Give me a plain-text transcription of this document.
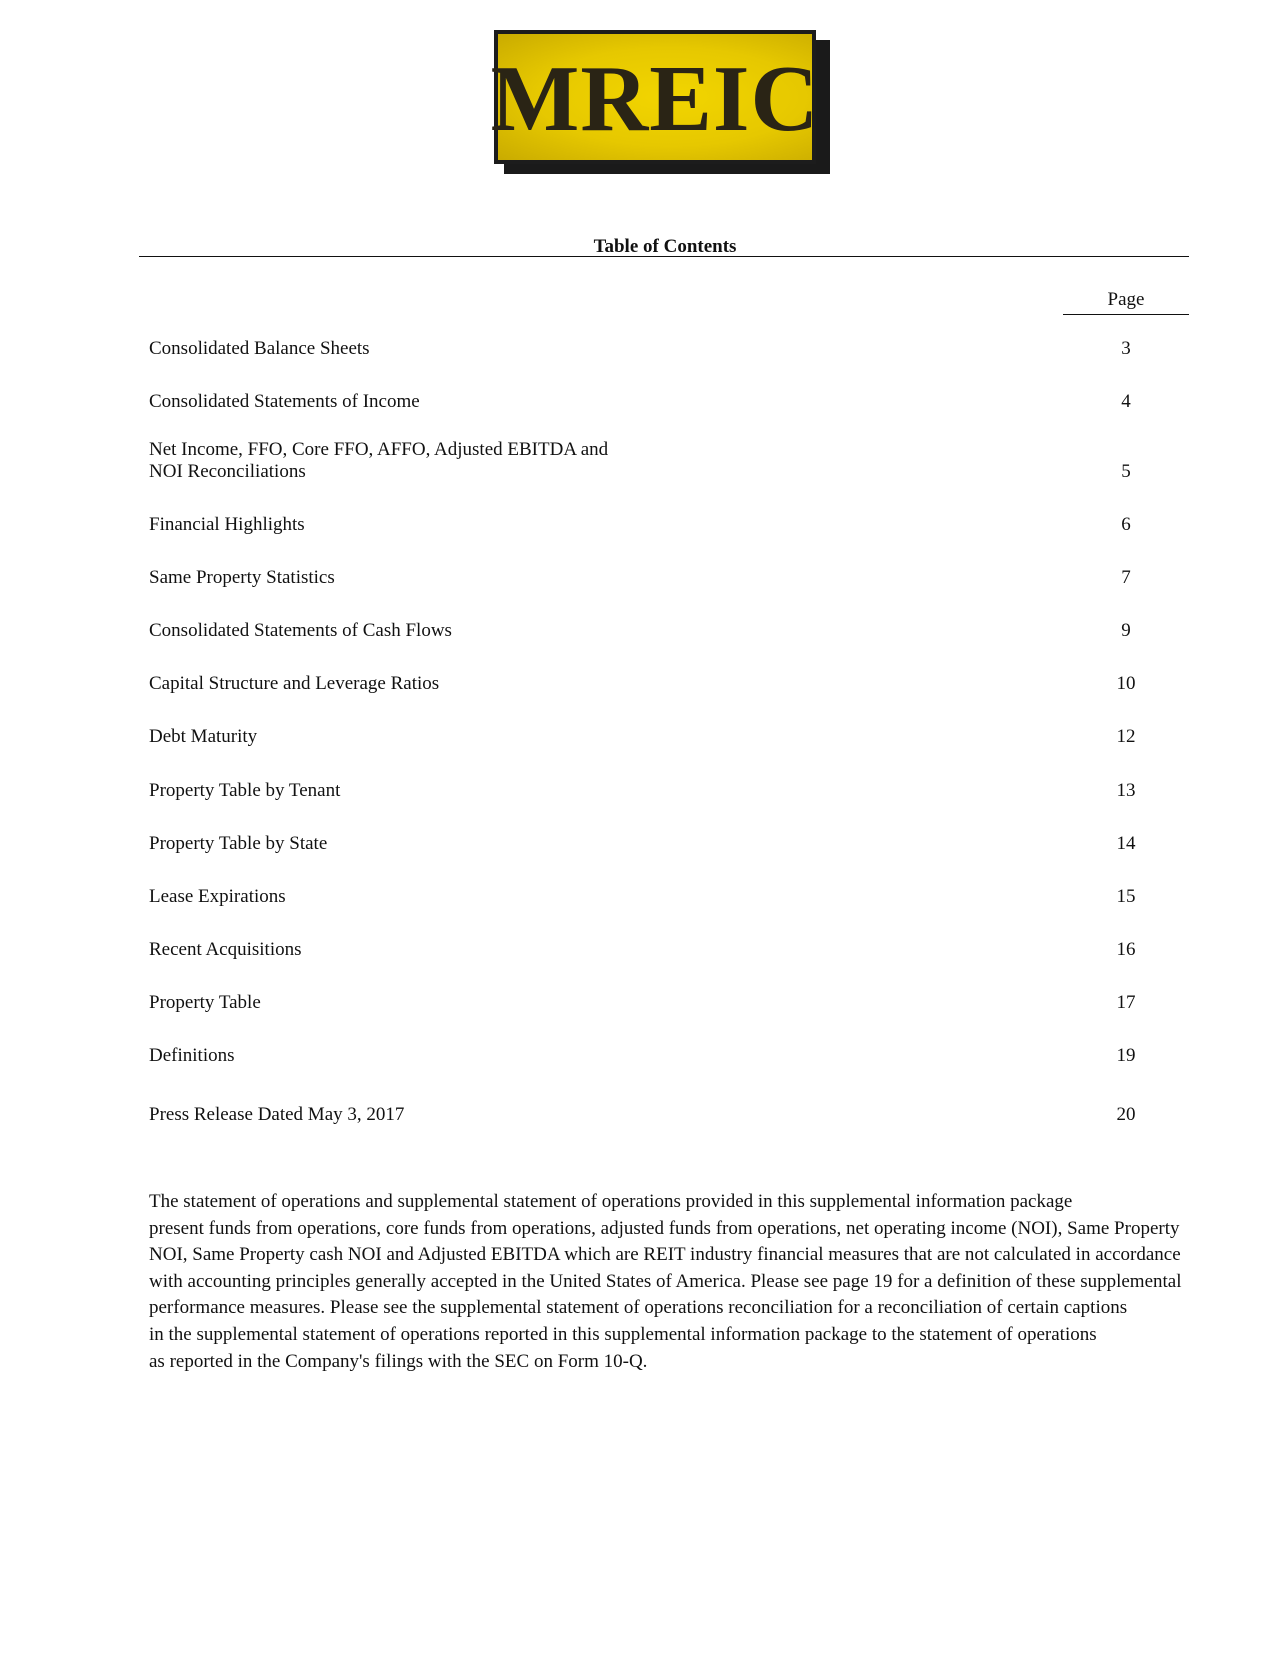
MREIC
Table of Contents
Page
Consolidated Balance Sheets	3
Consolidated Statements of Income	4
Net Income, FFO, Core FFO, AFFO, Adjusted EBITDA and
NOI Reconciliations	5
Financial Highlights	6
Same Property Statistics	7
Consolidated Statements of Cash Flows	9
Capital Structure and Leverage Ratios	10
Debt Maturity	12
Property Table by Tenant	13
Property Table by State	14
Lease Expirations	15
Recent Acquisitions	16
Property Table	17
Definitions	19
Press Release Dated May 3, 2017	20
The statement of operations and supplemental statement of operations provided in this supplemental information package
present funds from operations, core funds from operations, adjusted funds from operations, net operating income (NOI), Same Property
NOI, Same Property cash NOI and Adjusted EBITDA which are REIT industry financial measures that are not calculated in accordance
with accounting principles generally accepted in the United States of America. Please see page 19 for a definition of these supplemental
performance measures. Please see the supplemental statement of operations reconciliation for a reconciliation of certain captions
in the supplemental statement of operations reported in this supplemental information package to the statement of operations
as reported in the Company's filings with the SEC on Form 10-Q.
